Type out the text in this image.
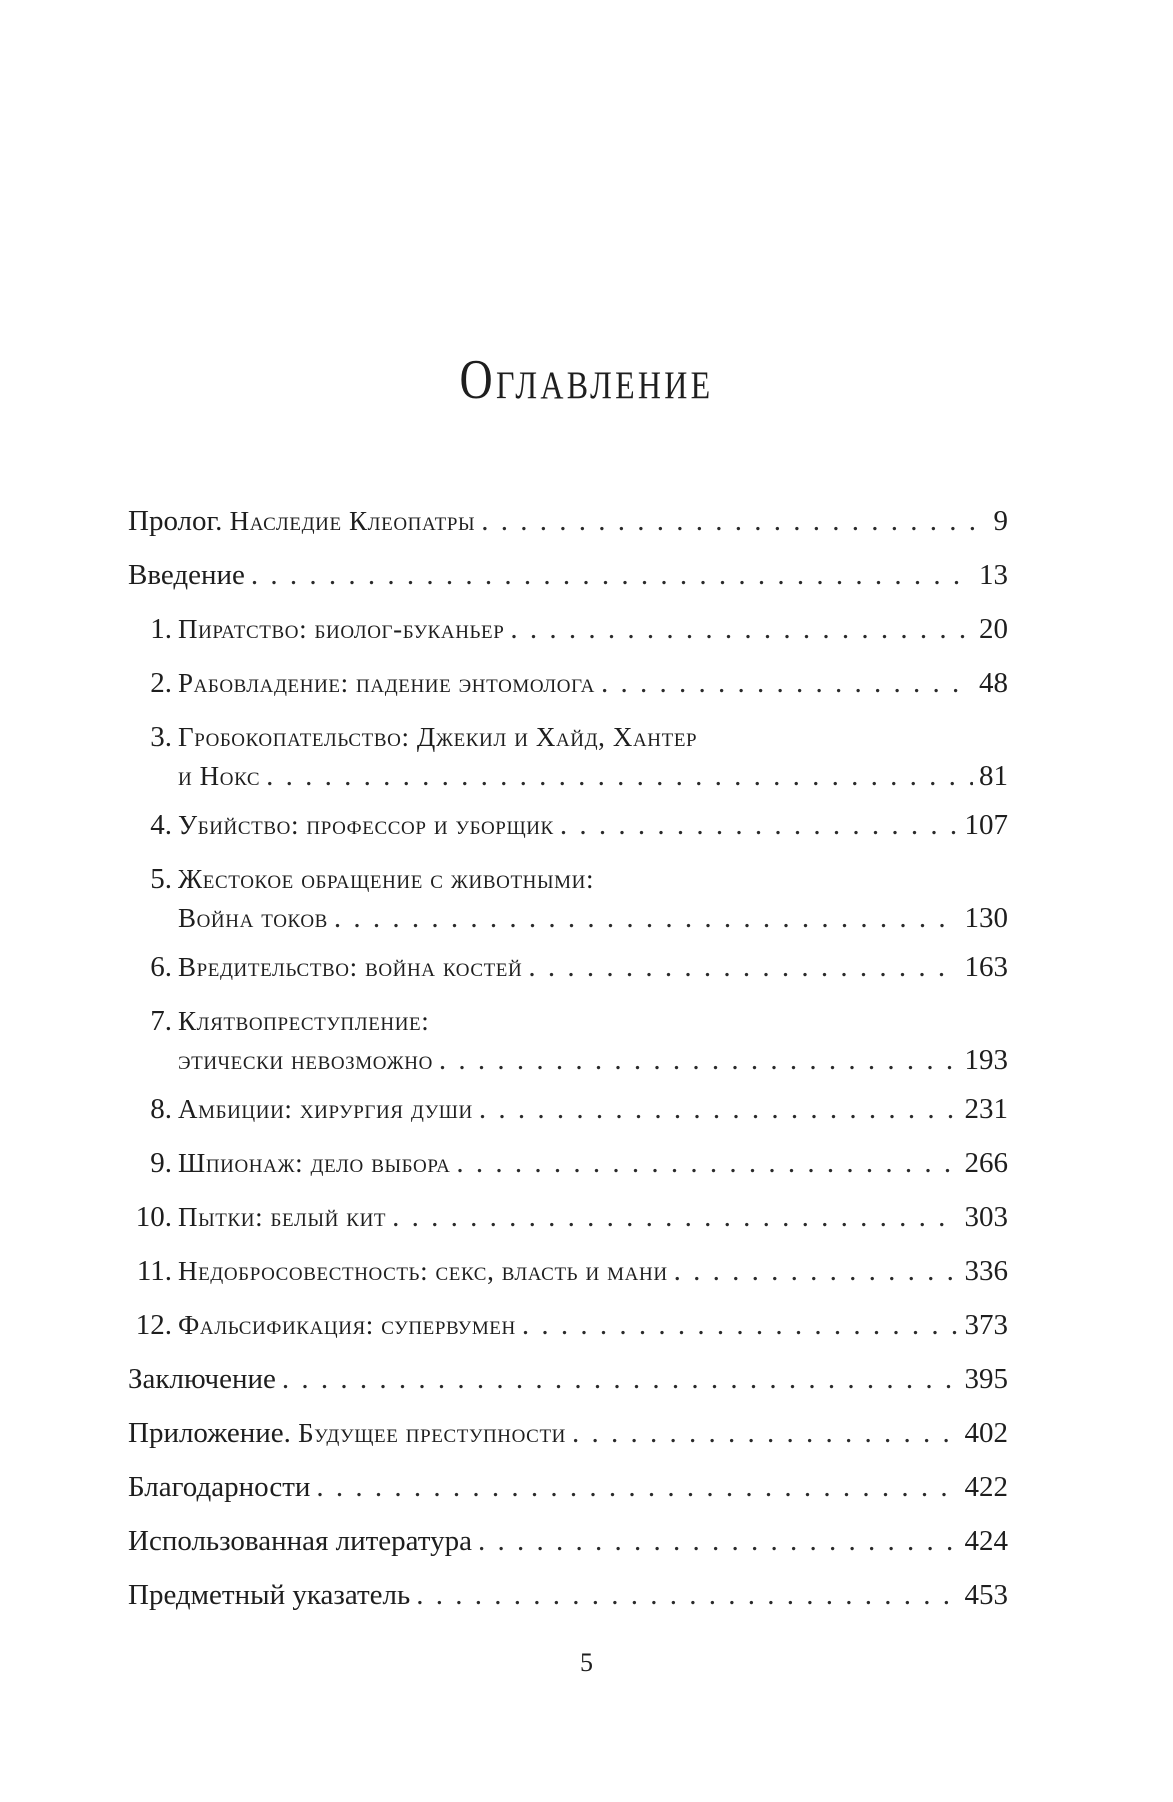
Оглавление
Пролог. Наследие Клеопатры . . .	9
Введение . . .	13
1. Пиратство: биолог-буканьер . . .	20
2. Рабовладение: падение энтомолога . . .	48
3. Гробокопательство: Джекил и Хайд, Хантер
и Нокс . . .	81
4. Убийство: профессор и уборщик . . .	107
5. Жестокое обращение с животными:
Война токов . . .	130
6. Вредительство: война костей . . .	163
7. Клятвопреступление:
этически невозможно . . .	193
8. Амбиции: хирургия души . . .	231
9. Шпионаж: дело выбора . . .	266
10. Пытки: белый кит . . .	303
11. Недобросовестность: секс, власть и мани . . .	336
12. Фальсификация: супервумен . . .	373
Заключение . . .	395
Приложение. Будущее преступности . . .	402
Благодарности . . .	422
Использованная литература . . .	424
Предметный указатель . . .	453
5
